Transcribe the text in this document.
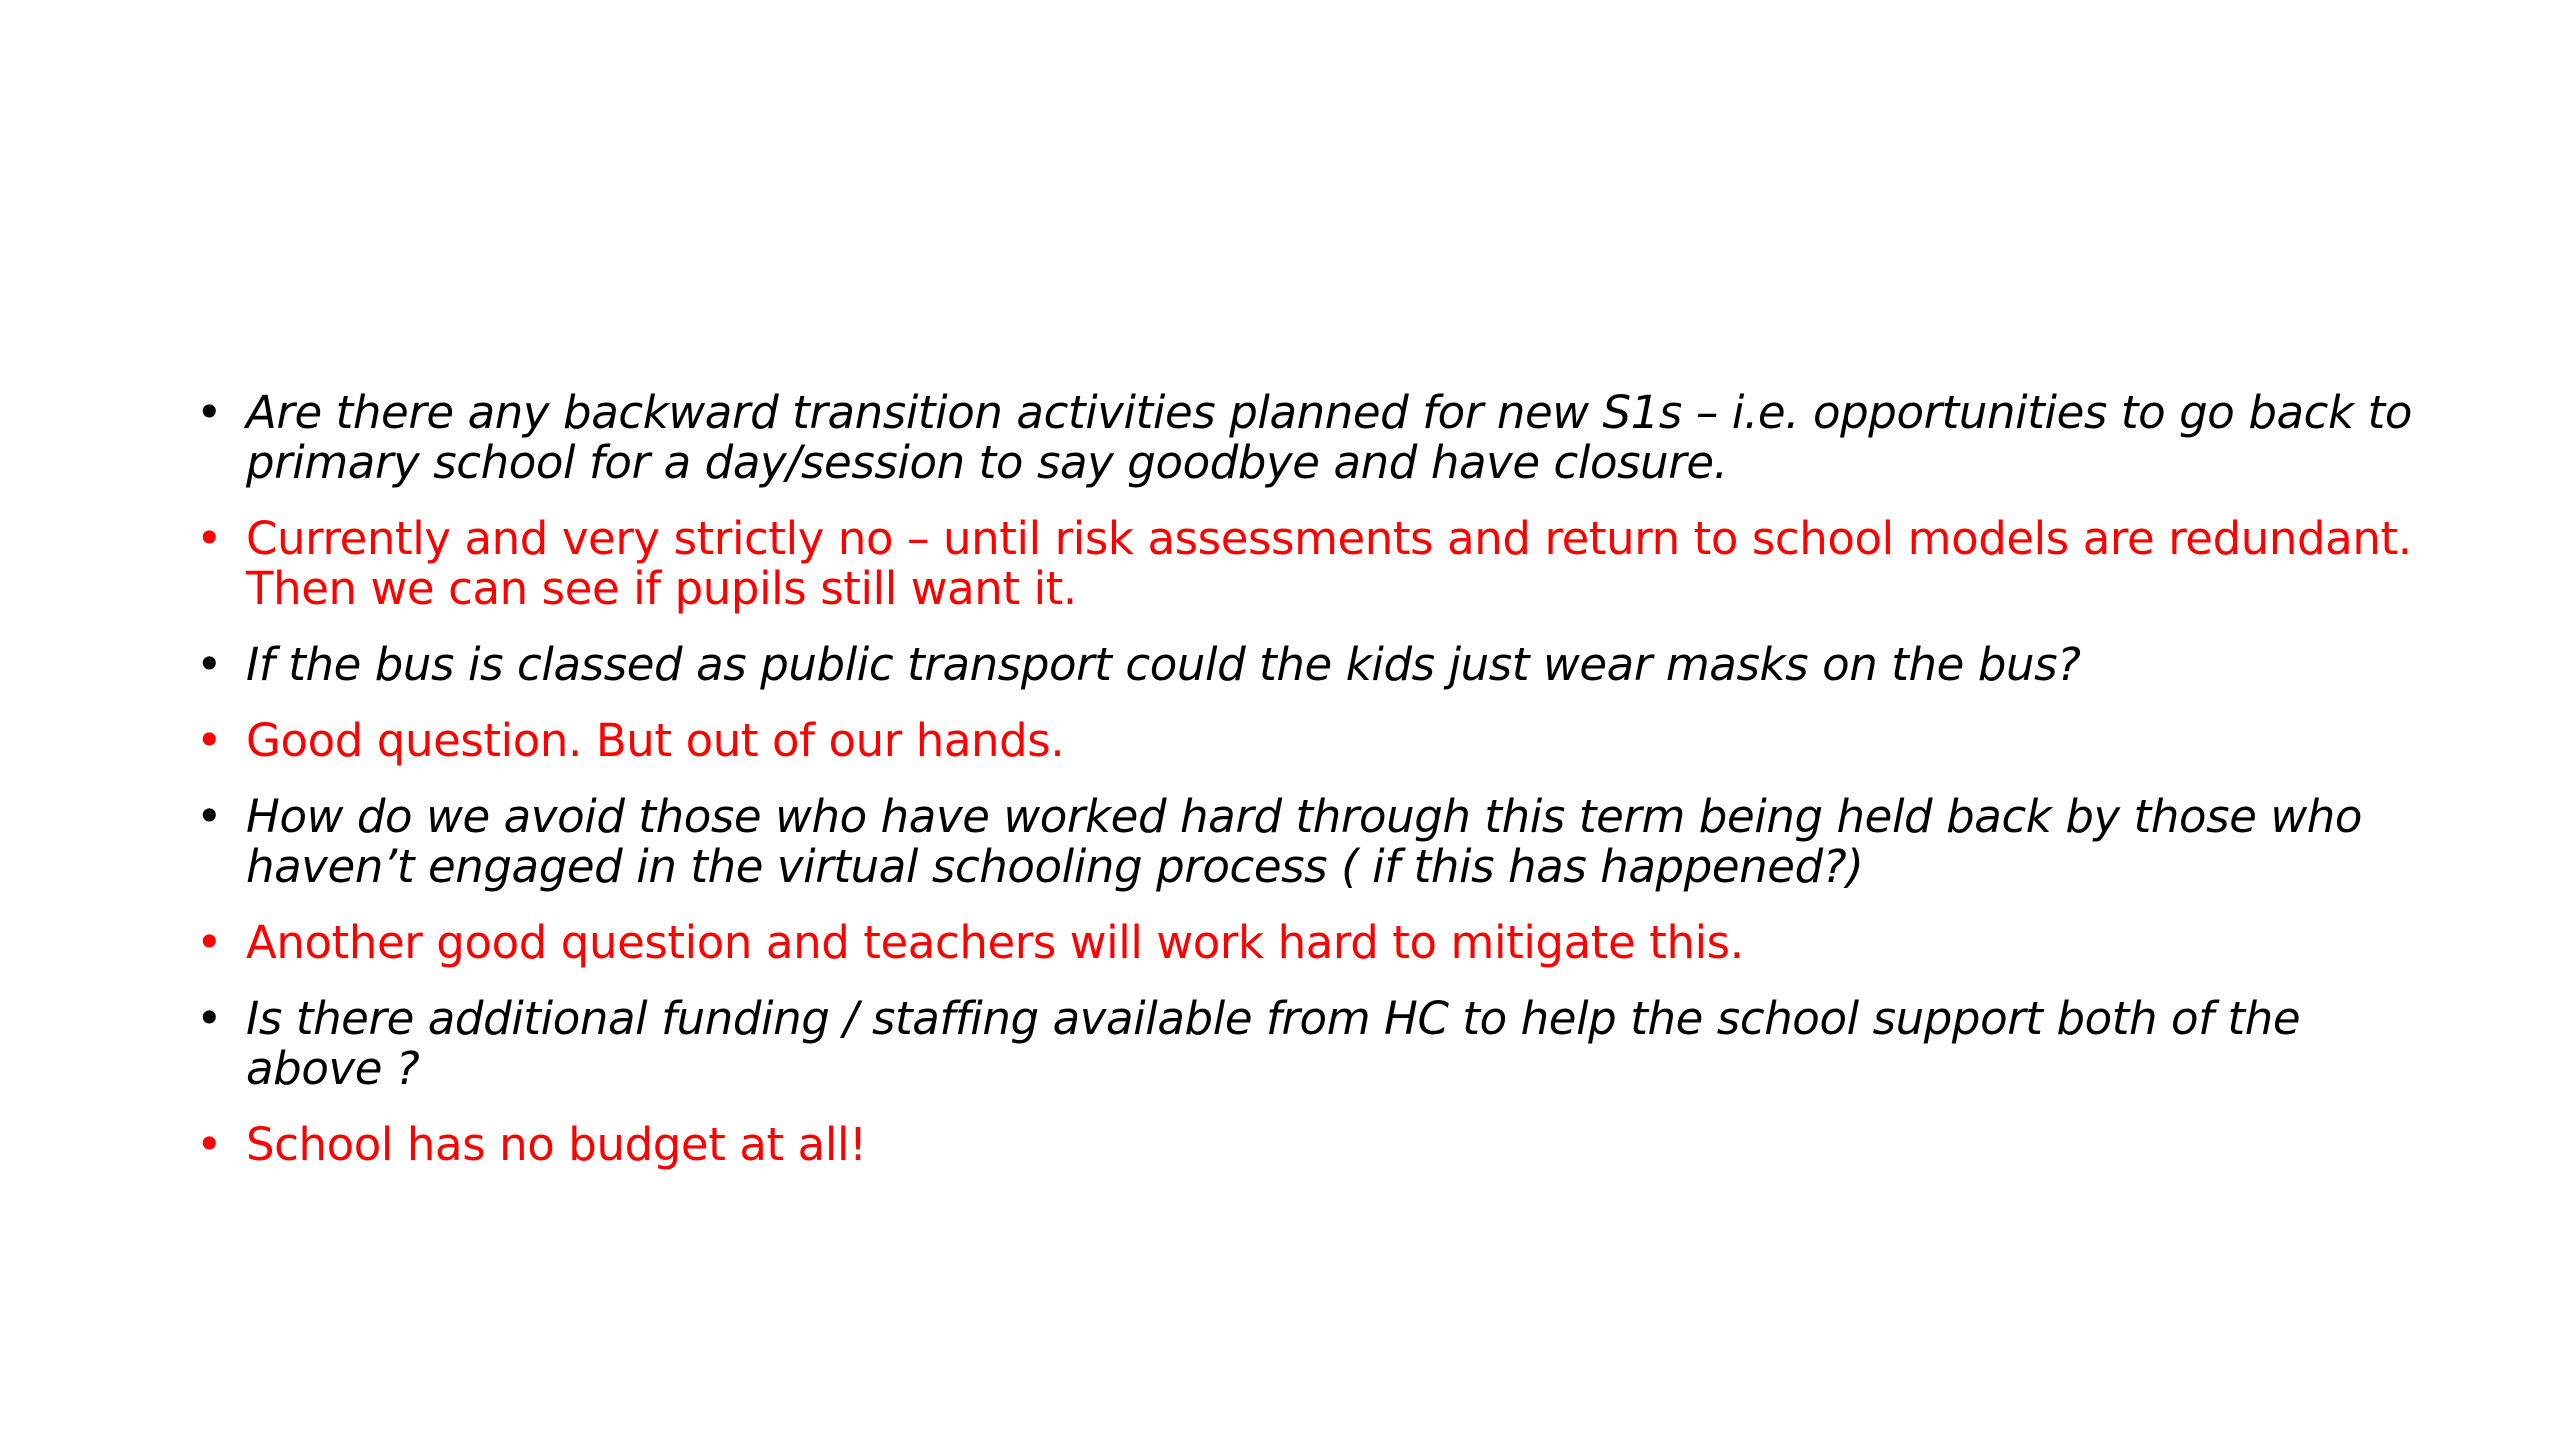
• Are there any backward transition activities planned for new S1s – i.e. opportunities to go back to primary school for a day/session to say goodbye and have closure.
• Currently and very strictly no – until risk assessments and return to school models are redundant. Then we can see if pupils still want it.
• If the bus is classed as public transport could the kids just wear masks on the bus?
• Good question. But out of our hands.
• How do we avoid those who have worked hard through this term being held back by those who haven’t engaged in the virtual schooling process ( if this has happened?)
• Another good question and teachers will work hard to mitigate this.
• Is there additional funding / staffing available from HC to help the school support both of the above ?
• School has no budget at all!
